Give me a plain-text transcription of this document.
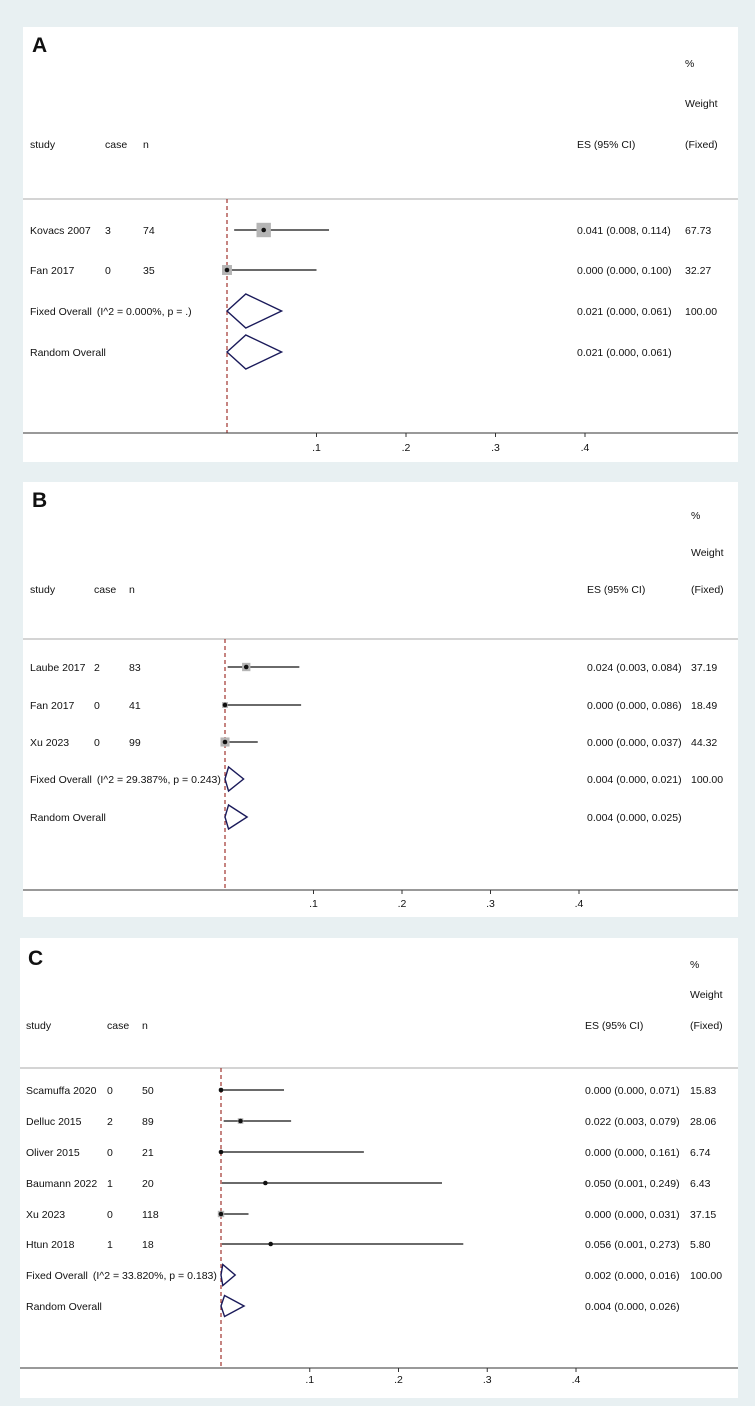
A
%
Weight
study	case n	ES (95% CI)	(Fixed)
.1	.2	.3	.4
Kovacs 2007 3	74	0.041 (0.008, 0.114) 67.73
Fan 2017	0	35	0.000 (0.000, 0.100) 32.27
Fixed Overall (I^2 = 0.000%, p = .)	0.021 (0.000, 0.061) 100.00
Random Overall	0.021 (0.000, 0.061)
B
%
Weight
study	case n	ES (95% CI)	(Fixed)
.1	.2	.3	.4
Laube 2017 2	83	0.024 (0.003, 0.084) 37.19
Fan 2017 0	41	0.000 (0.000, 0.086) 18.49
Xu 2023 0	99	0.000 (0.000, 0.037) 44.32
Fixed Overall (I^2 = 29.387%, p = 0.243)	0.004 (0.000, 0.021) 100.00
Random Overall	0.004 (0.000, 0.025)
C	%
Weight
study	case n	ES (95% CI)	(Fixed)
.1	.2	.3	.4
Scamuffa 2020 0	50	0.000 (0.000, 0.071) 15.83
Delluc 2015 2	89	0.022 (0.003, 0.079) 28.06
Oliver 2015	0	21	0.000 (0.000, 0.161) 6.74
Baumann 2022 1	20	0.050 (0.001, 0.249) 6.43
Xu 2023	0	118	0.000 (0.000, 0.031) 37.15
Htun 2018	1	18	0.056 (0.001, 0.273) 5.80
Fixed Overall (I^2 = 33.820%, p = 0.183)	0.002 (0.000, 0.016) 100.00
Random Overall	0.004 (0.000, 0.026)
